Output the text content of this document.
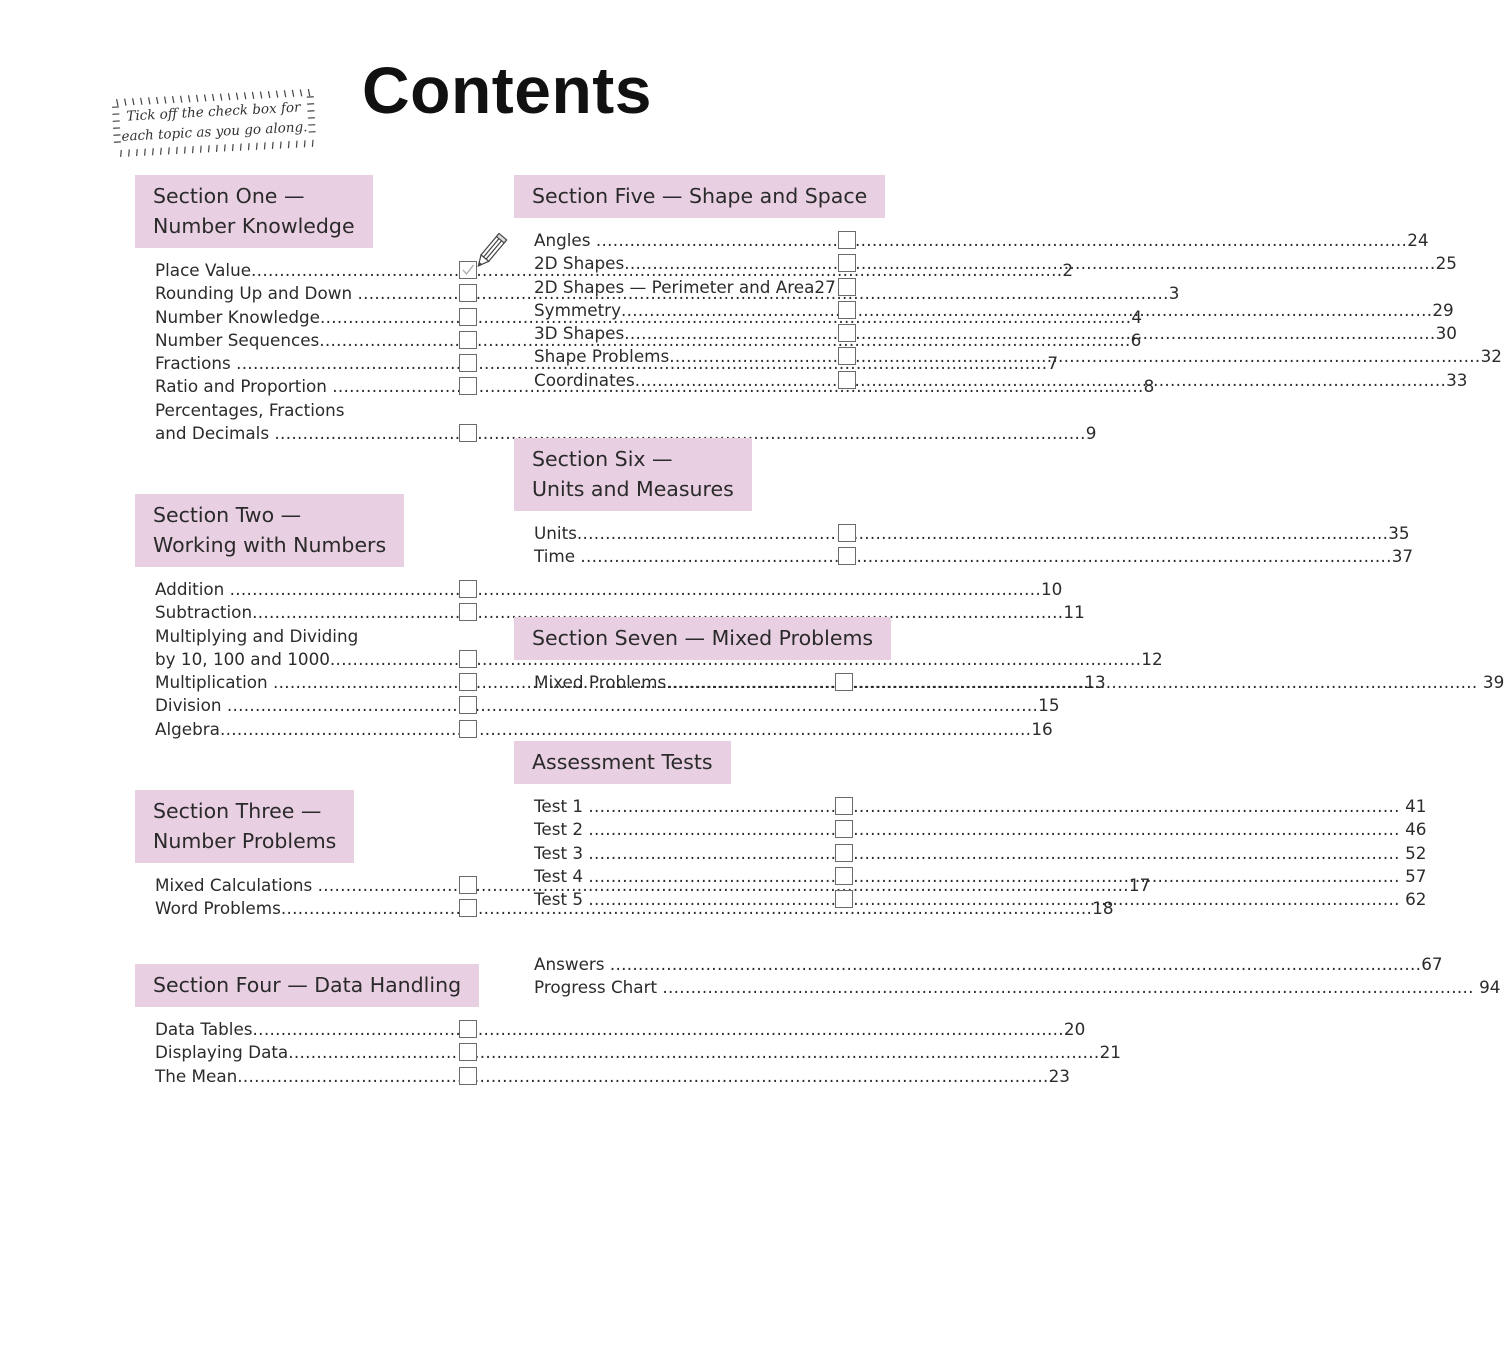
Contents
Tick off the check box for
each topic as you go along.
Section One —
Number Knowledge
Place Value .....	2
Rounding Up and Down .....	3
Number Knowledge .....	4
Number Sequences .....	6
Fractions .....	7
Ratio and Proportion .....	8
Percentages, Fractions
and Decimals .....	9
Section Two —
Working with Numbers
Addition .....	10
Subtraction .....	11
Multiplying and Dividing
by 10, 100 and 1000 .....	12
Multiplication .....	13
Division .....	15
Algebra .....	16
Section Three —
Number Problems
Mixed Calculations .....	17
Word Problems .....	18
Section Four — Data Handling
Data Tables .....	20
Displaying Data .....	21
The Mean .....	23
Section Five — Shape and Space
Angles .....	24
2D Shapes .....	25
2D Shapes — Perimeter and Area 27
Symmetry .....	29
3D Shapes .....	30
Shape Problems .....	32
Coordinates .....	33
Section Six —
Units and Measures
Units .....	35
Time .....	37
Section Seven — Mixed Problems
Mixed Problems .....	39
Assessment Tests
Test 1 .....	41
Test 2 .....	46
Test 3 .....	52
Test 4 .....	57
Test 5 .....	62
Answers .....	67
Progress Chart .....	94
